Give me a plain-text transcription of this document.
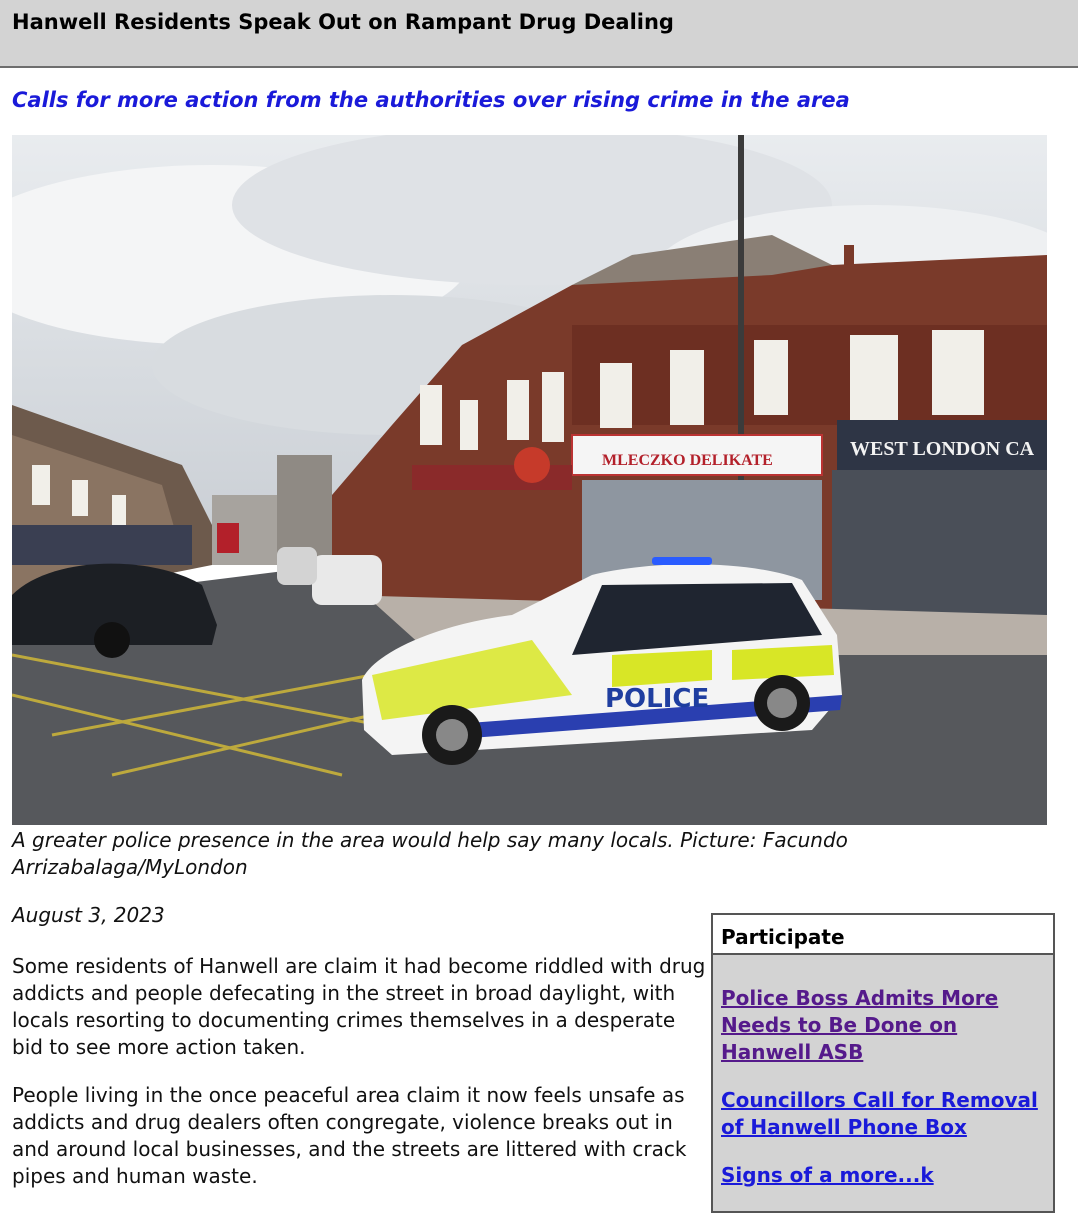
Hanwell Residents Speak Out on Rampant Drug Dealing
Calls for more action from the authorities over rising crime in the area
MLECZKO DELIKATE
WEST LONDON CA
POLICE

A greater police presence in the area would help say many locals. Picture: Facundo Arrizabalaga/MyLondon

August 3, 2023

Some residents of Hanwell are claim it had become riddled with drug addicts and people defecating in the street in broad daylight, with locals resorting to documenting crimes themselves in a desperate bid to see more action taken.

People living in the once peaceful area claim it now feels unsafe as addicts and drug dealers often congregate, violence breaks out in and around local businesses, and the streets are littered with crack pipes and human waste.

Participate
Police Boss Admits More Needs to Be Done on Hanwell ASB
Councillors Call for Removal of Hanwell Phone Box
Signs of a more...k
